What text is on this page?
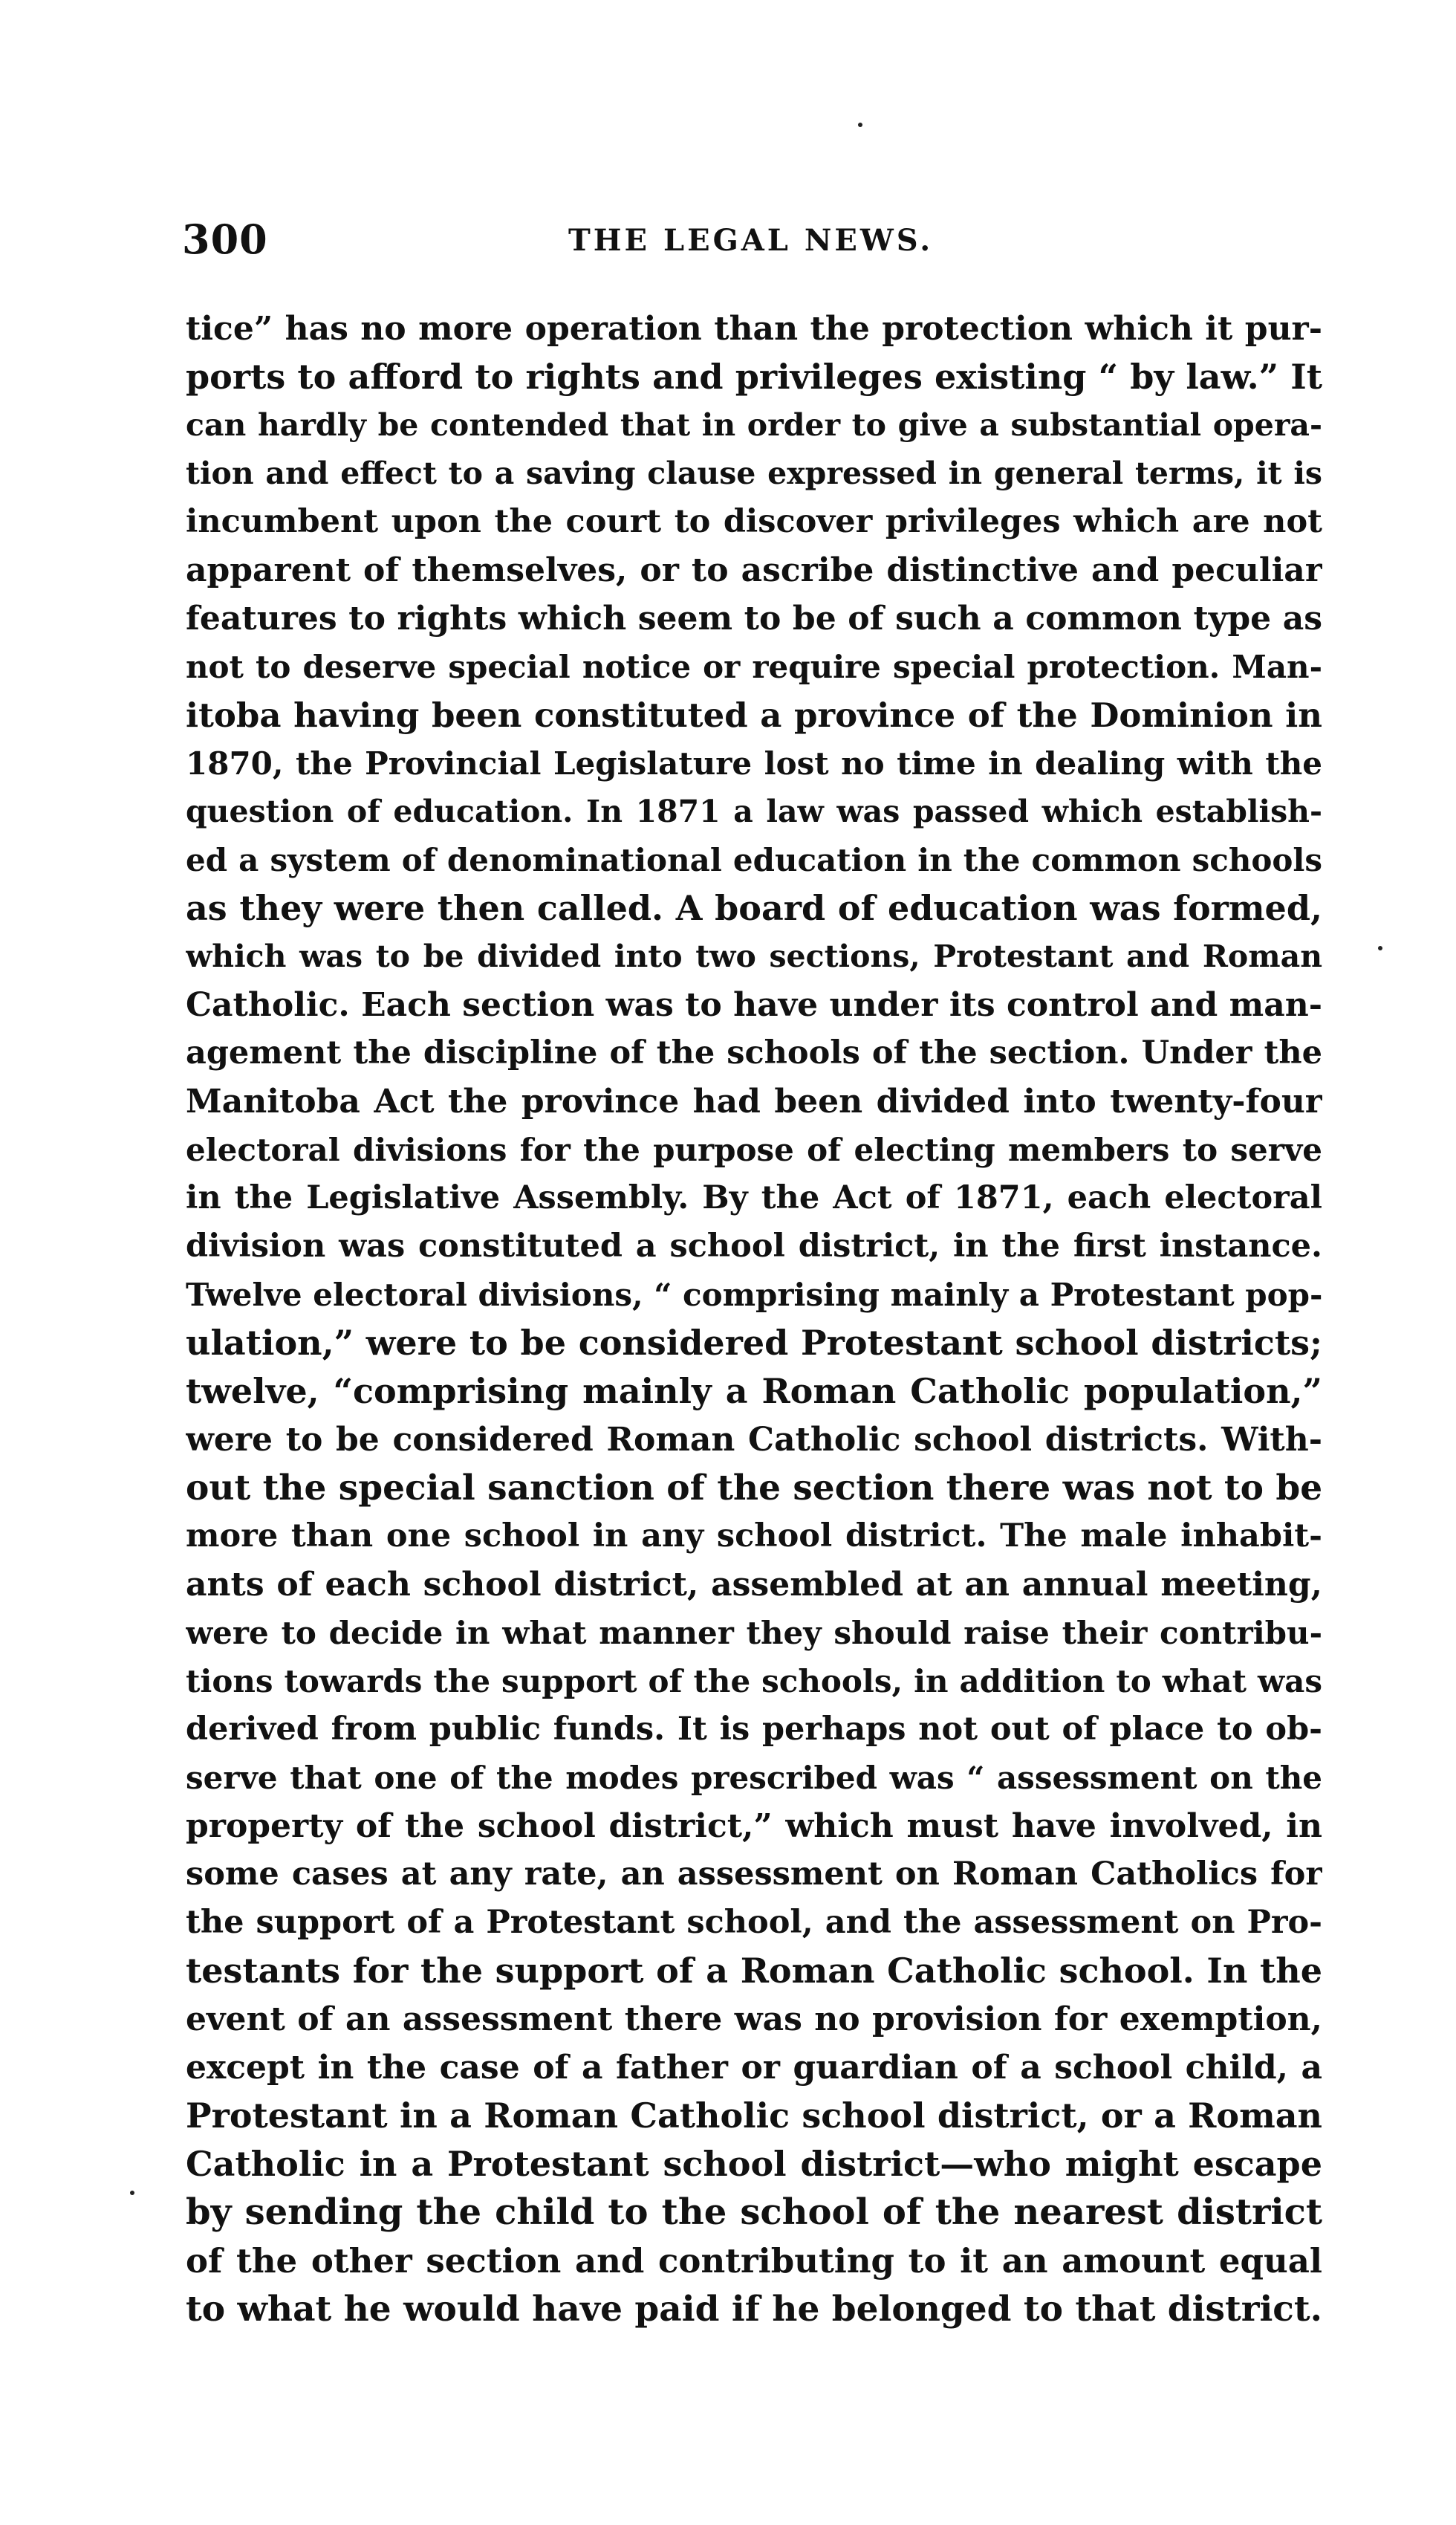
300	THE LEGAL NEWS.
tice” has no more operation than the protection which it pur-
ports to afford to rights and privileges existing “ by law.” It
can hardly be contended that in order to give a substantial opera-
tion and effect to a saving clause expressed in general terms, it is
incumbent upon the court to discover privileges which are not
apparent of themselves, or to ascribe distinctive and peculiar
features to rights which seem to be of such a common type as
not to deserve special notice or require special protection. Man-
itoba having been constituted a province of the Dominion in
1870, the Provincial Legislature lost no time in dealing with the
question of education. In 1871 a law was passed which establish-
ed a system of denominational education in the common schools
as they were then called. A board of education was formed,
which was to be divided into two sections, Protestant and Roman
Catholic. Each section was to have under its control and man-
agement the discipline of the schools of the section. Under the
Manitoba Act the province had been divided into twenty-four
electoral divisions for the purpose of electing members to serve
in the Legislative Assembly. By the Act of 1871, each electoral
division was constituted a school district, in the first instance.
Twelve electoral divisions, “ comprising mainly a Protestant pop-
ulation,” were to be considered Protestant school districts;
twelve, “comprising mainly a Roman Catholic population,”
were to be considered Roman Catholic school districts. With-
out the special sanction of the section there was not to be
more than one school in any school district. The male inhabit-
ants of each school district, assembled at an annual meeting,
were to decide in what manner they should raise their contribu-
tions towards the support of the schools, in addition to what was
derived from public funds. It is perhaps not out of place to ob-
serve that one of the modes prescribed was “ assessment on the
property of the school district,” which must have involved, in
some cases at any rate, an assessment on Roman Catholics for
the support of a Protestant school, and the assessment on Pro-
testants for the support of a Roman Catholic school. In the
event of an assessment there was no provision for exemption,
except in the case of a father or guardian of a school child, a
Protestant in a Roman Catholic school district, or a Roman
Catholic in a Protestant school district—who might escape
by sending the child to the school of the nearest district
of the other section and contributing to it an amount equal
to what he would have paid if he belonged to that district.
